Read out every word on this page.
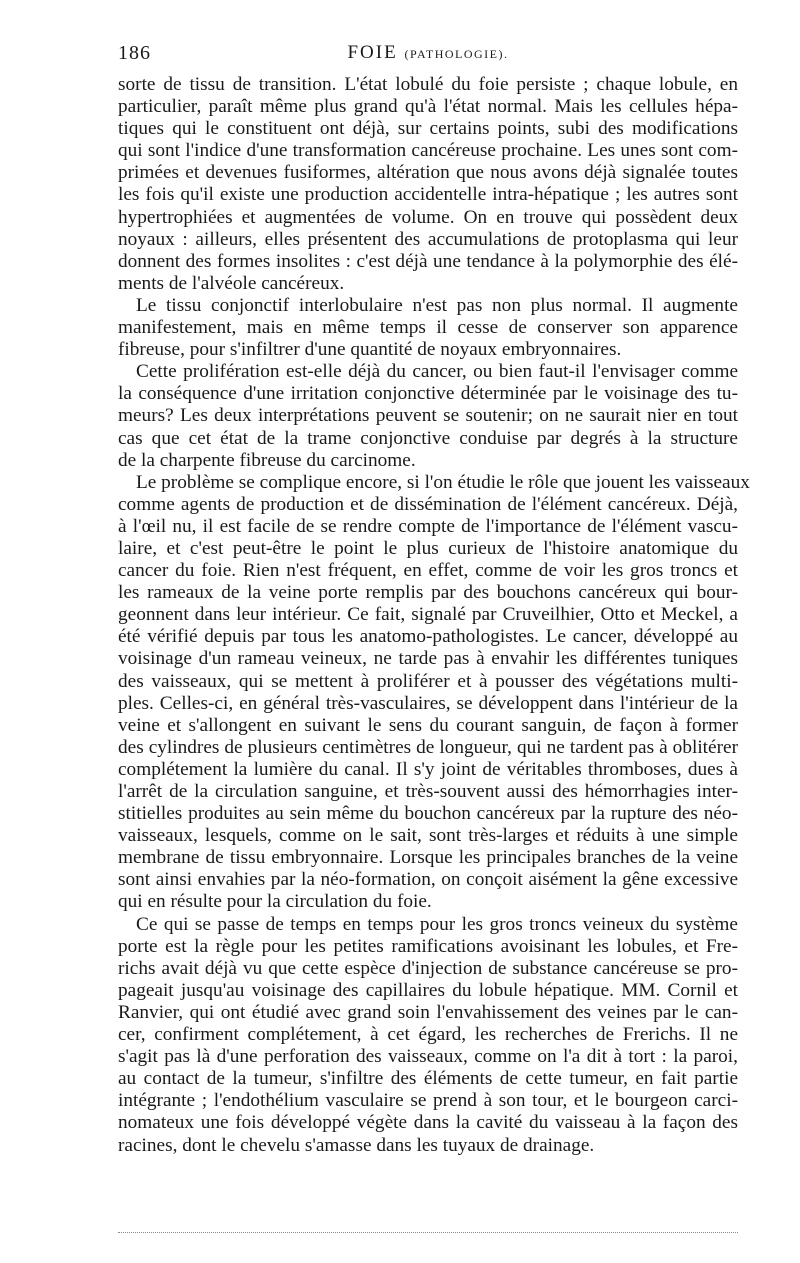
186	FOIE (PATHOLOGIE).
sorte de tissu de transition. L'état lobulé du foie persiste ; chaque lobule, en
particulier, paraît même plus grand qu'à l'état normal. Mais les cellules hépa-
tiques qui le constituent ont déjà, sur certains points, subi des modifications
qui sont l'indice d'une transformation cancéreuse prochaine. Les unes sont com-
primées et devenues fusiformes, altération que nous avons déjà signalée toutes
les fois qu'il existe une production accidentelle intra-hépatique ; les autres sont
hypertrophiées et augmentées de volume. On en trouve qui possèdent deux
noyaux : ailleurs, elles présentent des accumulations de protoplasma qui leur
donnent des formes insolites : c'est déjà une tendance à la polymorphie des élé-
ments de l'alvéole cancéreux.
Le tissu conjonctif interlobulaire n'est pas non plus normal. Il augmente
manifestement, mais en même temps il cesse de conserver son apparence
fibreuse, pour s'infiltrer d'une quantité de noyaux embryonnaires.
Cette prolifération est-elle déjà du cancer, ou bien faut-il l'envisager comme
la conséquence d'une irritation conjonctive déterminée par le voisinage des tu-
meurs? Les deux interprétations peuvent se soutenir; on ne saurait nier en tout
cas que cet état de la trame conjonctive conduise par degrés à la structure
de la charpente fibreuse du carcinome.
Le problème se complique encore, si l'on étudie le rôle que jouent les vaisseaux
comme agents de production et de dissémination de l'élément cancéreux. Déjà,
à l'œil nu, il est facile de se rendre compte de l'importance de l'élément vascu-
laire, et c'est peut-être le point le plus curieux de l'histoire anatomique du
cancer du foie. Rien n'est fréquent, en effet, comme de voir les gros troncs et
les rameaux de la veine porte remplis par des bouchons cancéreux qui bour-
geonnent dans leur intérieur. Ce fait, signalé par Cruveilhier, Otto et Meckel, a
été vérifié depuis par tous les anatomo-pathologistes. Le cancer, développé au
voisinage d'un rameau veineux, ne tarde pas à envahir les différentes tuniques
des vaisseaux, qui se mettent à proliférer et à pousser des végétations multi-
ples. Celles-ci, en général très-vasculaires, se développent dans l'intérieur de la
veine et s'allongent en suivant le sens du courant sanguin, de façon à former
des cylindres de plusieurs centimètres de longueur, qui ne tardent pas à oblitérer
complétement la lumière du canal. Il s'y joint de véritables thromboses, dues à
l'arrêt de la circulation sanguine, et très-souvent aussi des hémorrhagies inter-
stitielles produites au sein même du bouchon cancéreux par la rupture des néo-
vaisseaux, lesquels, comme on le sait, sont très-larges et réduits à une simple
membrane de tissu embryonnaire. Lorsque les principales branches de la veine
sont ainsi envahies par la néo-formation, on conçoit aisément la gêne excessive
qui en résulte pour la circulation du foie.
Ce qui se passe de temps en temps pour les gros troncs veineux du système
porte est la règle pour les petites ramifications avoisinant les lobules, et Fre-
richs avait déjà vu que cette espèce d'injection de substance cancéreuse se pro-
pageait jusqu'au voisinage des capillaires du lobule hépatique. MM. Cornil et
Ranvier, qui ont étudié avec grand soin l'envahissement des veines par le can-
cer, confirment complétement, à cet égard, les recherches de Frerichs. Il ne
s'agit pas là d'une perforation des vaisseaux, comme on l'a dit à tort : la paroi,
au contact de la tumeur, s'infiltre des éléments de cette tumeur, en fait partie
intégrante ; l'endothélium vasculaire se prend à son tour, et le bourgeon carci-
nomateux une fois développé végète dans la cavité du vaisseau à la façon des
racines, dont le chevelu s'amasse dans les tuyaux de drainage.
